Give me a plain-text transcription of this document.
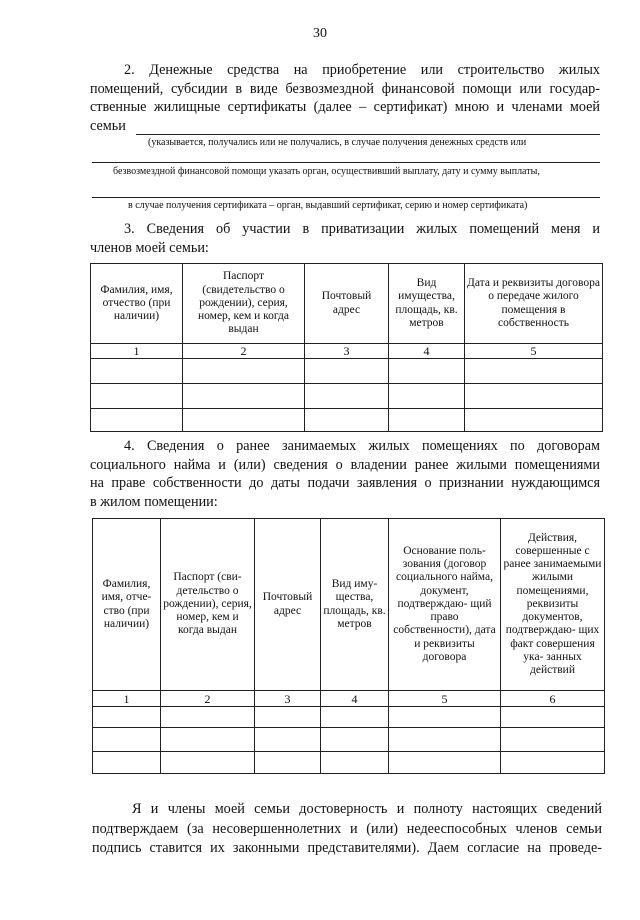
30
2. Денежные средства на приобретение или строительство жилых
помещений, субсидии в виде безвозмездной финансовой помощи или государ-
ственные жилищные сертификаты (далее – сертификат) мною и членами моей
семьи
(указывается, получались или не получались, в случае получения денежных средств или
безвозмездной финансовой помощи указать орган, осуществивший выплату, дату и сумму выплаты,
в случае получения сертификата – орган, выдавший сертификат, серию и номер сертификата)
3. Сведения об участии в приватизации жилых помещений меня и
членов моей семьи:
Фамилия, имя, отчество (при наличии)	Паспорт (свидетельство о рождении), серия, номер, кем и когда выдан	Почтовый адрес	Вид имущества, площадь, кв. метров	Дата и реквизиты договора о передаче жилого помещения в собственность
1	2	3	4	5

4. Сведения о ранее занимаемых жилых помещениях по договорам
социального найма и (или) сведения о владении ранее жилыми помещениями
на праве собственности до даты подачи заявления о признании нуждающимся
в жилом помещении:
Фамилия, имя, отче- ство (при наличии)	Паспорт (сви- детельство о рождении), серия, номер, кем и когда выдан	Почтовый адрес	Вид иму- щества, площадь, кв. метров	Основание поль- зования (договор социального найма, документ, подтверждаю- щий право собственности), дата и реквизиты договора	Действия, совершенные с ранее занимаемыми жилыми помещениями, реквизиты документов, подтверждаю- щих факт совершения ука- занных действий
1	2	3	4	5	6

Я и члены моей семьи достоверность и полноту настоящих сведений
подтверждаем (за несовершеннолетних и (или) недееспособных членов семьи
подпись ставится их законными представителями). Даем согласие на проведе-
